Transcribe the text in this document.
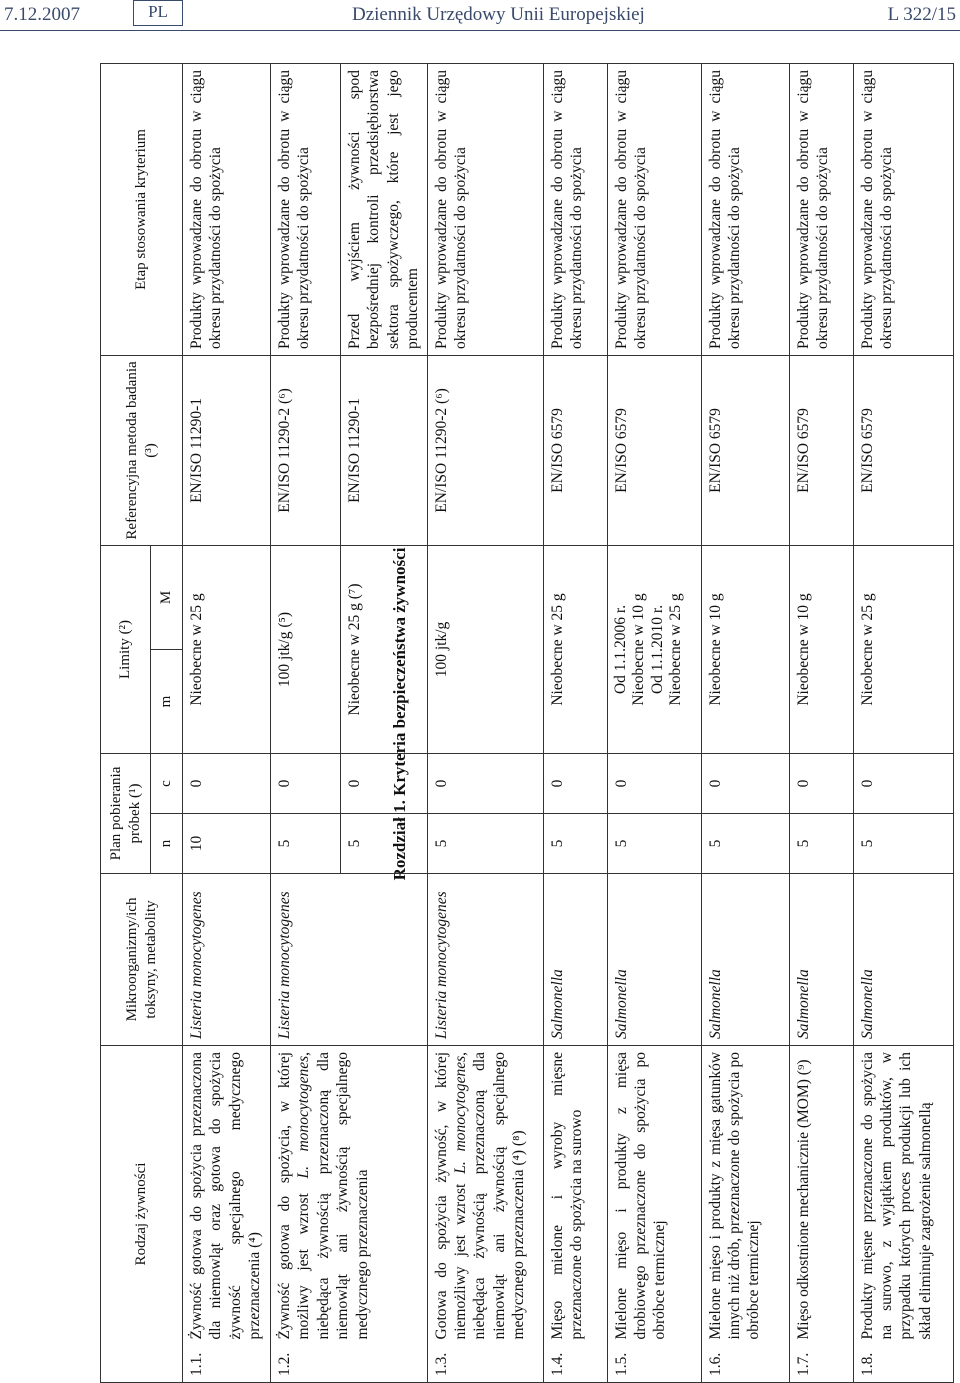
7.12.2007	PL	Dziennik Urzędowy Unii Europejskiej	L 322/15
Rozdział 1. Kryteria bezpieczeństwa żywności
Rodzaj żywności		Mikroorganizmy/ich toksyny, metabolity	Plan pobierania próbek (¹)		Limity (²)		Referencyjna metoda badania (³)	Etap stosowania kryterium
			n	c	m	M		
1.1.	Żywność gotowa do spożycia przeznaczona dla niemowląt oraz gotowa do spożycia żywność specjalnego medycznego przeznaczenia (⁴)	Listeria monocytogenes	10	0	Nieobecne w 25 g		EN/ISO 11290-1	Produkty wprowadzane do obrotu w ciągu okresu przydatności do spożycia
1.2.	Żywność gotowa do spożycia, w której możliwy jest wzrost L. monocytogenes, niebędąca żywnością przeznaczoną dla niemowląt ani żywnością specjalnego medycznego przeznaczenia	Listeria monocytogenes	5	0	100 jtk/g (⁵)		EN/ISO 11290-2 (⁶)	Produkty wprowadzane do obrotu w ciągu okresu przydatności do spożycia
			5	0	Nieobecne w 25 g (⁷)		EN/ISO 11290-1	Przed wyjściem żywności spod bezpośredniej kontroli przedsiębiorstwa sektora spożywczego, które jest jego producentem
1.3.	Gotowa do spożycia żywność, w której niemożliwy jest wzrost L. monocytogenes, niebędąca żywnością przeznaczoną dla niemowląt ani żywnością specjalnego medycznego przeznaczenia (⁴) (⁸)	Listeria monocytogenes	5	0	100 jtk/g		EN/ISO 11290-2 (⁶)	Produkty wprowadzane do obrotu w ciągu okresu przydatności do spożycia
1.4.	Mięso mielone i wyroby mięsne przeznaczone do spożycia na surowo	Salmonella	5	0	Nieobecne w 25 g		EN/ISO 6579	Produkty wprowadzane do obrotu w ciągu okresu przydatności do spożycia
1.5.	Mielone mięso i produkty z mięsa drobiowego przeznaczone do spożycia po obróbce termicznej	Salmonella	5	0	Od 1.1.2006 r. Nieobecne w 10 g Od 1.1.2010 r. Nieobecne w 25 g		EN/ISO 6579	Produkty wprowadzane do obrotu w ciągu okresu przydatności do spożycia
1.6.	Mielone mięso i produkty z mięsa gatunków innych niż drób, przeznaczone do spożycia po obróbce termicznej	Salmonella	5	0	Nieobecne w 10 g		EN/ISO 6579	Produkty wprowadzane do obrotu w ciągu okresu przydatności do spożycia
1.7.	Mięso odkostnione mechanicznie (MOM) (⁹)	Salmonella	5	0	Nieobecne w 10 g		EN/ISO 6579	Produkty wprowadzane do obrotu w ciągu okresu przydatności do spożycia
1.8.	Produkty mięsne przeznaczone do spożycia na surowo, z wyjątkiem produktów, w przypadku których proces produkcji lub ich skład eliminuje zagrożenie salmonellą	Salmonella	5	0	Nieobecne w 25 g		EN/ISO 6579	Produkty wprowadzane do obrotu w ciągu okresu przydatności do spożycia
